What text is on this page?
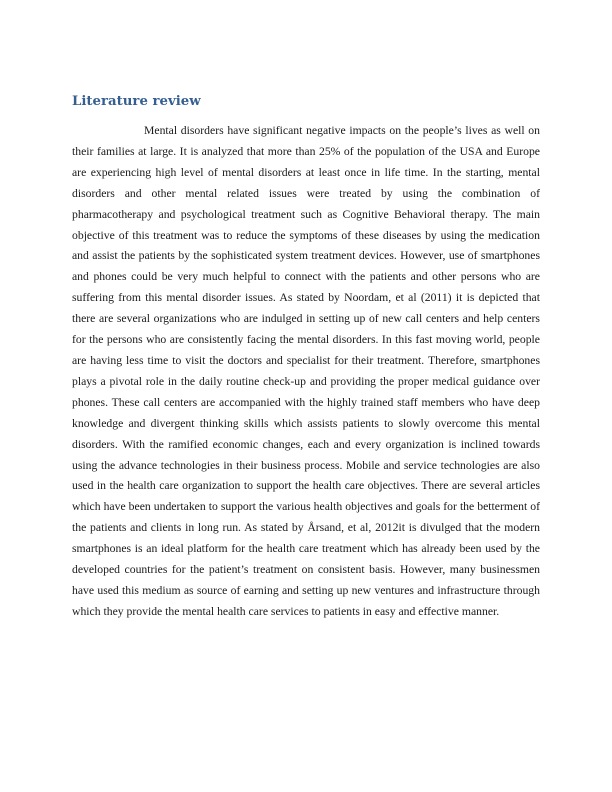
Literature review

Mental disorders have significant negative impacts on the people’s lives as well on their families at large. It is analyzed that more than 25% of the population of the USA and Europe are experiencing high level of mental disorders at least once in life time. In the starting, mental disorders and other mental related issues were treated by using the combination of pharmacotherapy and psychological treatment such as Cognitive Behavioral therapy. The main objective of this treatment was to reduce the symptoms of these diseases by using the medication and assist the patients by the sophisticated system treatment devices. However, use of smartphones and phones could be very much helpful to connect with the patients and other persons who are suffering from this mental disorder issues. As stated by Noordam, et al (2011) it is depicted that there are several organizations who are indulged in setting up of new call centers and help centers for the persons who are consistently facing the mental disorders. In this fast moving world, people are having less time to visit the doctors and specialist for their treatment. Therefore, smartphones plays a pivotal role in the daily routine check-up and providing the proper medical guidance over phones. These call centers are accompanied with the highly trained staff members who have deep knowledge and divergent thinking skills which assists patients to slowly overcome this mental disorders. With the ramified economic changes, each and every organization is inclined towards using the advance technologies in their business process. Mobile and service technologies are also used in the health care organization to support the health care objectives. There are several articles which have been undertaken to support the various health objectives and goals for the betterment of the patients and clients in long run. As stated by Årsand, et al, 2012it is divulged that the modern smartphones is an ideal platform for the health care treatment which has already been used by the developed countries for the patient’s treatment on consistent basis. However, many businessmen have used this medium as source of earning and setting up new ventures and infrastructure through which they provide the mental health care services to patients in easy and effective manner.
